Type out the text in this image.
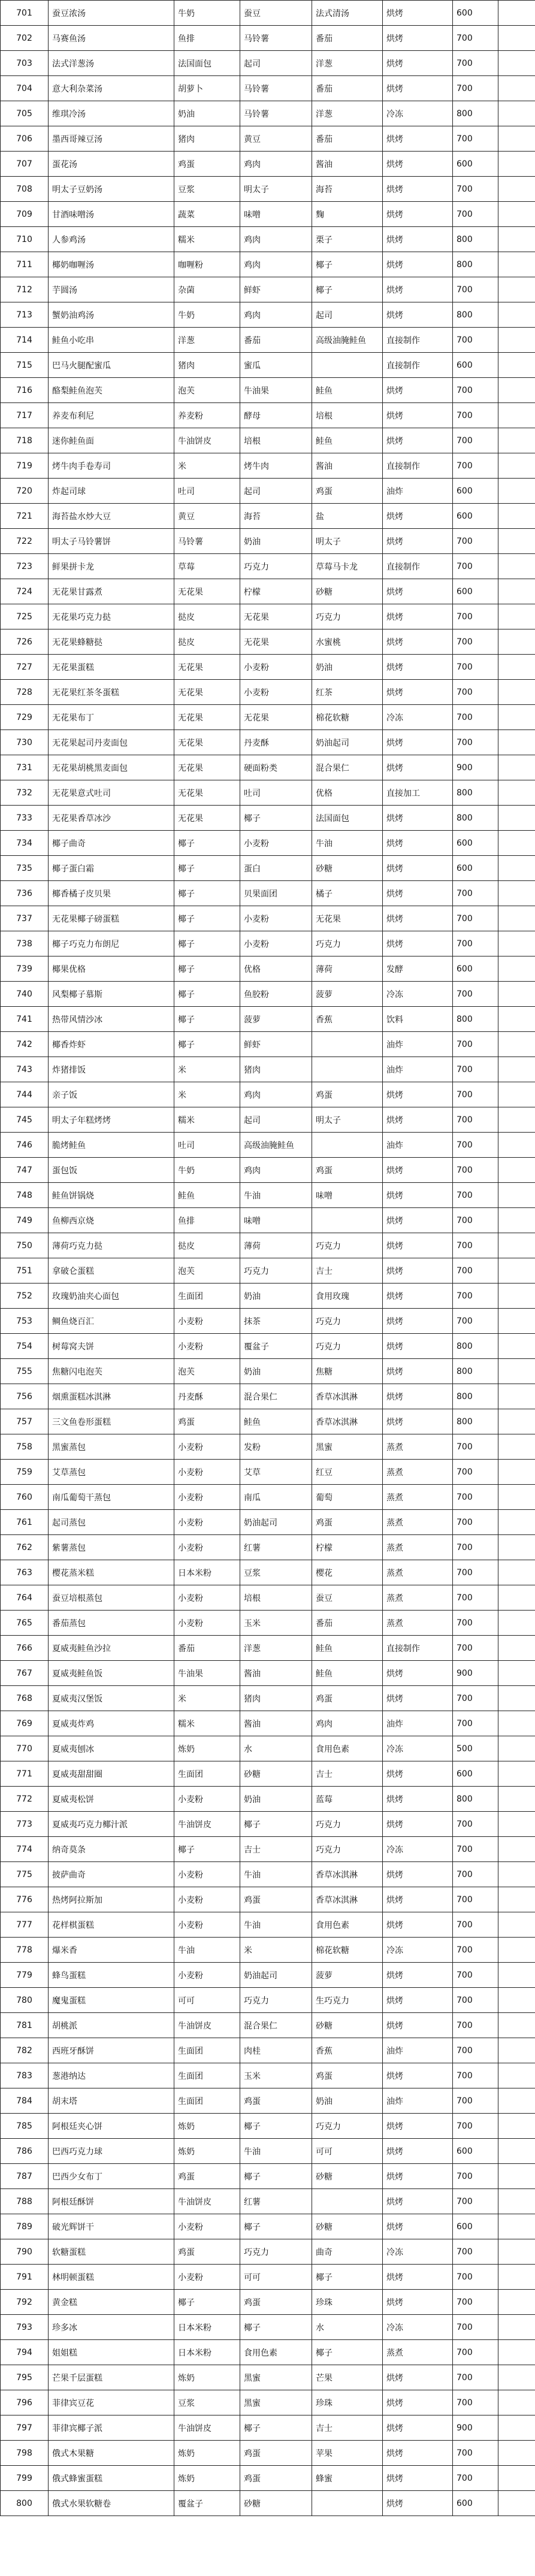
701	蚕豆浓汤	牛奶	蚕豆	法式清汤	烘烤	600	
702	马赛鱼汤	鱼排	马铃薯	番茄	烘烤	700	
703	法式洋葱汤	法国面包	起司	洋葱	烘烤	700	
704	意大利杂菜汤	胡萝卜	马铃薯	番茄	烘烤	700	
705	维琪冷汤	奶油	马铃薯	洋葱	冷冻	800	
706	墨西哥辣豆汤	猪肉	黄豆	番茄	烘烤	700	
707	蛋花汤	鸡蛋	鸡肉	酱油	烘烤	600	
708	明太子豆奶汤	豆浆	明太子	海苔	烘烤	700	
709	甘酒味噌汤	蔬菜	味噌	麴	烘烤	700	
710	人参鸡汤	糯米	鸡肉	栗子	烘烤	800	
711	椰奶咖喱汤	咖喱粉	鸡肉	椰子	烘烤	800	
712	芋圆汤	杂菌	鲜虾	椰子	烘烤	700	
713	蟹奶油鸡汤	牛奶	鸡肉	起司	烘烤	800	
714	鲑鱼小吃串	洋葱	番茄	高级油腌鲑鱼	直接制作	700	
715	巴马火腿配蜜瓜	猪肉	蜜瓜		直接制作	600	
716	酪梨鲑鱼泡芙	泡芙	牛油果	鲑鱼	烘烤	700	
717	养麦布利尼	养麦粉	酵母	培根	烘烤	700	
718	迷你鲑鱼面	牛油饼皮	培根	鲑鱼	烘烤	700	
719	烤牛肉手卷寿司	米	烤牛肉	酱油	直接制作	700	
720	炸起司球	吐司	起司	鸡蛋	油炸	600	
721	海苔盐水炒大豆	黄豆	海苔	盐	烘烤	600	
722	明太子马铃薯饼	马铃薯	奶油	明太子	烘烤	700	
723	鲜果拼卡龙	草莓	巧克力	草莓马卡龙	直接制作	700	
724	无花果甘露煮	无花果	柠檬	砂糖	烘烤	600	
725	无花果巧克力挞	挞皮	无花果	巧克力	烘烤	700	
726	无花果蜂糖挞	挞皮	无花果	水蜜桃	烘烤	700	
727	无花果蛋糕	无花果	小麦粉	奶油	烘烤	700	
728	无花果红茶冬蛋糕	无花果	小麦粉	红茶	烘烤	700	
729	无花果布丁	无花果	无花果	棉花软糖	冷冻	700	
730	无花果起司丹麦面包	无花果	丹麦酥	奶油起司	烘烤	700	
731	无花果胡桃黑麦面包	无花果	硬面粉类	混合果仁	烘烤	900	
732	无花果意式吐司	无花果	吐司	优格	直接加工	800	
733	无花果香草冰沙	无花果	椰子	法国面包	烘烤	800	
734	椰子曲奇	椰子	小麦粉	牛油	烘烤	600	
735	椰子蛋白霜	椰子	蛋白	砂糖	烘烤	600	
736	椰香橘子皮贝果	椰子	贝果面团	橘子	烘烤	700	
737	无花果椰子磅蛋糕	椰子	小麦粉	无花果	烘烤	700	
738	椰子巧克力布朗尼	椰子	小麦粉	巧克力	烘烤	700	
739	椰果优格	椰子	优格	薄荷	发酵	600	
740	风梨椰子慕斯	椰子	鱼胶粉	菠萝	冷冻	700	
741	热带风情沙冰	椰子	菠萝	香蕉	饮料	800	
742	椰香炸虾	椰子	鲜虾		油炸	700	
743	炸猪排饭	米	猪肉		油炸	700	
744	亲子饭	米	鸡肉	鸡蛋	烘烤	700	
745	明太子年糕烤烤	糯米	起司	明太子	烘烤	700	
746	脆烤鲑鱼	吐司	高级油腌鲑鱼		油炸	700	
747	蛋包饭	牛奶	鸡肉	鸡蛋	烘烤	700	
748	鲑鱼饼锅烧	鲑鱼	牛油	味噌	烘烤	700	
749	鱼柳西京烧	鱼排	味噌		烘烤	700	
750	薄荷巧克力挞	挞皮	薄荷	巧克力	烘烤	700	
751	拿破仑蛋糕	泡芙	巧克力	吉士	烘烤	700	
752	玫瑰奶油夹心面包	生面团	奶油	食用玫瑰	烘烤	700	
753	鲷鱼烧百汇	小麦粉	抹茶	巧克力	烘烤	700	
754	树莓窝夫饼	小麦粉	覆盆子	巧克力	烘烤	800	
755	焦糖闪电泡芙	泡芙	奶油	焦糖	烘烤	800	
756	烟熏蛋糕冰淇淋	丹麦酥	混合果仁	香草冰淇淋	烘烤	800	
757	三文鱼卷形蛋糕	鸡蛋	鲑鱼	香草冰淇淋	烘烤	800	
758	黑蜜蒸包	小麦粉	发粉	黑蜜	蒸煮	700	
759	艾草蒸包	小麦粉	艾草	红豆	蒸煮	700	
760	南瓜葡萄干蒸包	小麦粉	南瓜	葡萄	蒸煮	700	
761	起司蒸包	小麦粉	奶油起司	鸡蛋	蒸煮	700	
762	紫薯蒸包	小麦粉	红薯	柠檬	蒸煮	700	
763	樱花蒸米糕	日本米粉	豆浆	樱花	蒸煮	700	
764	蚕豆培根蒸包	小麦粉	培根	蚕豆	蒸煮	700	
765	番茄蒸包	小麦粉	玉米	番茄	蒸煮	700	
766	夏威夷鲑鱼沙拉	番茄	洋葱	鲑鱼	直接制作	700	
767	夏威夷鲑鱼饭	牛油果	酱油	鲑鱼	烘烤	900	
768	夏威夷汉堡饭	米	猪肉	鸡蛋	烘烤	700	
769	夏威夷炸鸡	糯米	酱油	鸡肉	油炸	700	
770	夏威夷刨冰	炼奶	水	食用色素	冷冻	500	
771	夏威夷甜甜圈	生面团	砂糖	吉士	烘烤	600	
772	夏威夷松饼	小麦粉	奶油	蓝莓	烘烤	800	
773	夏威夷巧克力椰汁派	牛油饼皮	椰子	巧克力	烘烤	700	
774	纳奇莫条	椰子	吉士	巧克力	冷冻	700	
775	披萨曲奇	小麦粉	牛油	香草冰淇淋	烘烤	700	
776	热烤阿拉斯加	小麦粉	鸡蛋	香草冰淇淋	烘烤	700	
777	花样棋蛋糕	小麦粉	牛油	食用色素	烘烤	700	
778	爆米香	牛油	米	棉花软糖	冷冻	700	
779	蜂鸟蛋糕	小麦粉	奶油起司	菠萝	烘烤	700	
780	魔鬼蛋糕	可可	巧克力	生巧克力	烘烤	700	
781	胡桃派	牛油饼皮	混合果仁	砂糖	烘烤	700	
782	西班牙酥饼	生面团	肉桂	香蕉	油炸	700	
783	葱港纳达	生面团	玉米	鸡蛋	烘烤	700	
784	胡末塔	生面团	鸡蛋	奶油	油炸	700	
785	阿根廷夹心饼	炼奶	椰子	巧克力	烘烤	700	
786	巴西巧克力球	炼奶	牛油	可可	烘烤	600	
787	巴西少女布丁	鸡蛋	椰子	砂糖	烘烤	700	
788	阿根廷酥饼	牛油饼皮	红薯		烘烤	700	
789	破光辉饼干	小麦粉	椰子	砂糖	烘烤	600	
790	软糖蛋糕	鸡蛋	巧克力	曲奇	冷冻	700	
791	林明顿蛋糕	小麦粉	可可	椰子	烘烤	700	
792	黄金糕	椰子	鸡蛋	珍珠	烘烤	700	
793	珍多冰	日本米粉	椰子	水	冷冻	700	
794	姐姐糕	日本米粉	食用色素	椰子	蒸煮	700	
795	芒果千层蛋糕	炼奶	黑蜜	芒果	烘烤	700	
796	菲律宾豆花	豆浆	黑蜜	珍珠	烘烤	700	
797	菲律宾椰子派	牛油饼皮	椰子	吉士	烘烤	900	
798	俄式木果糖	炼奶	鸡蛋	苹果	烘烤	700	
799	俄式蜂蜜蛋糕	炼奶	鸡蛋	蜂蜜	烘烤	700	
800	俄式水果软糖卷	覆盆子	砂糖		烘烤	600	
